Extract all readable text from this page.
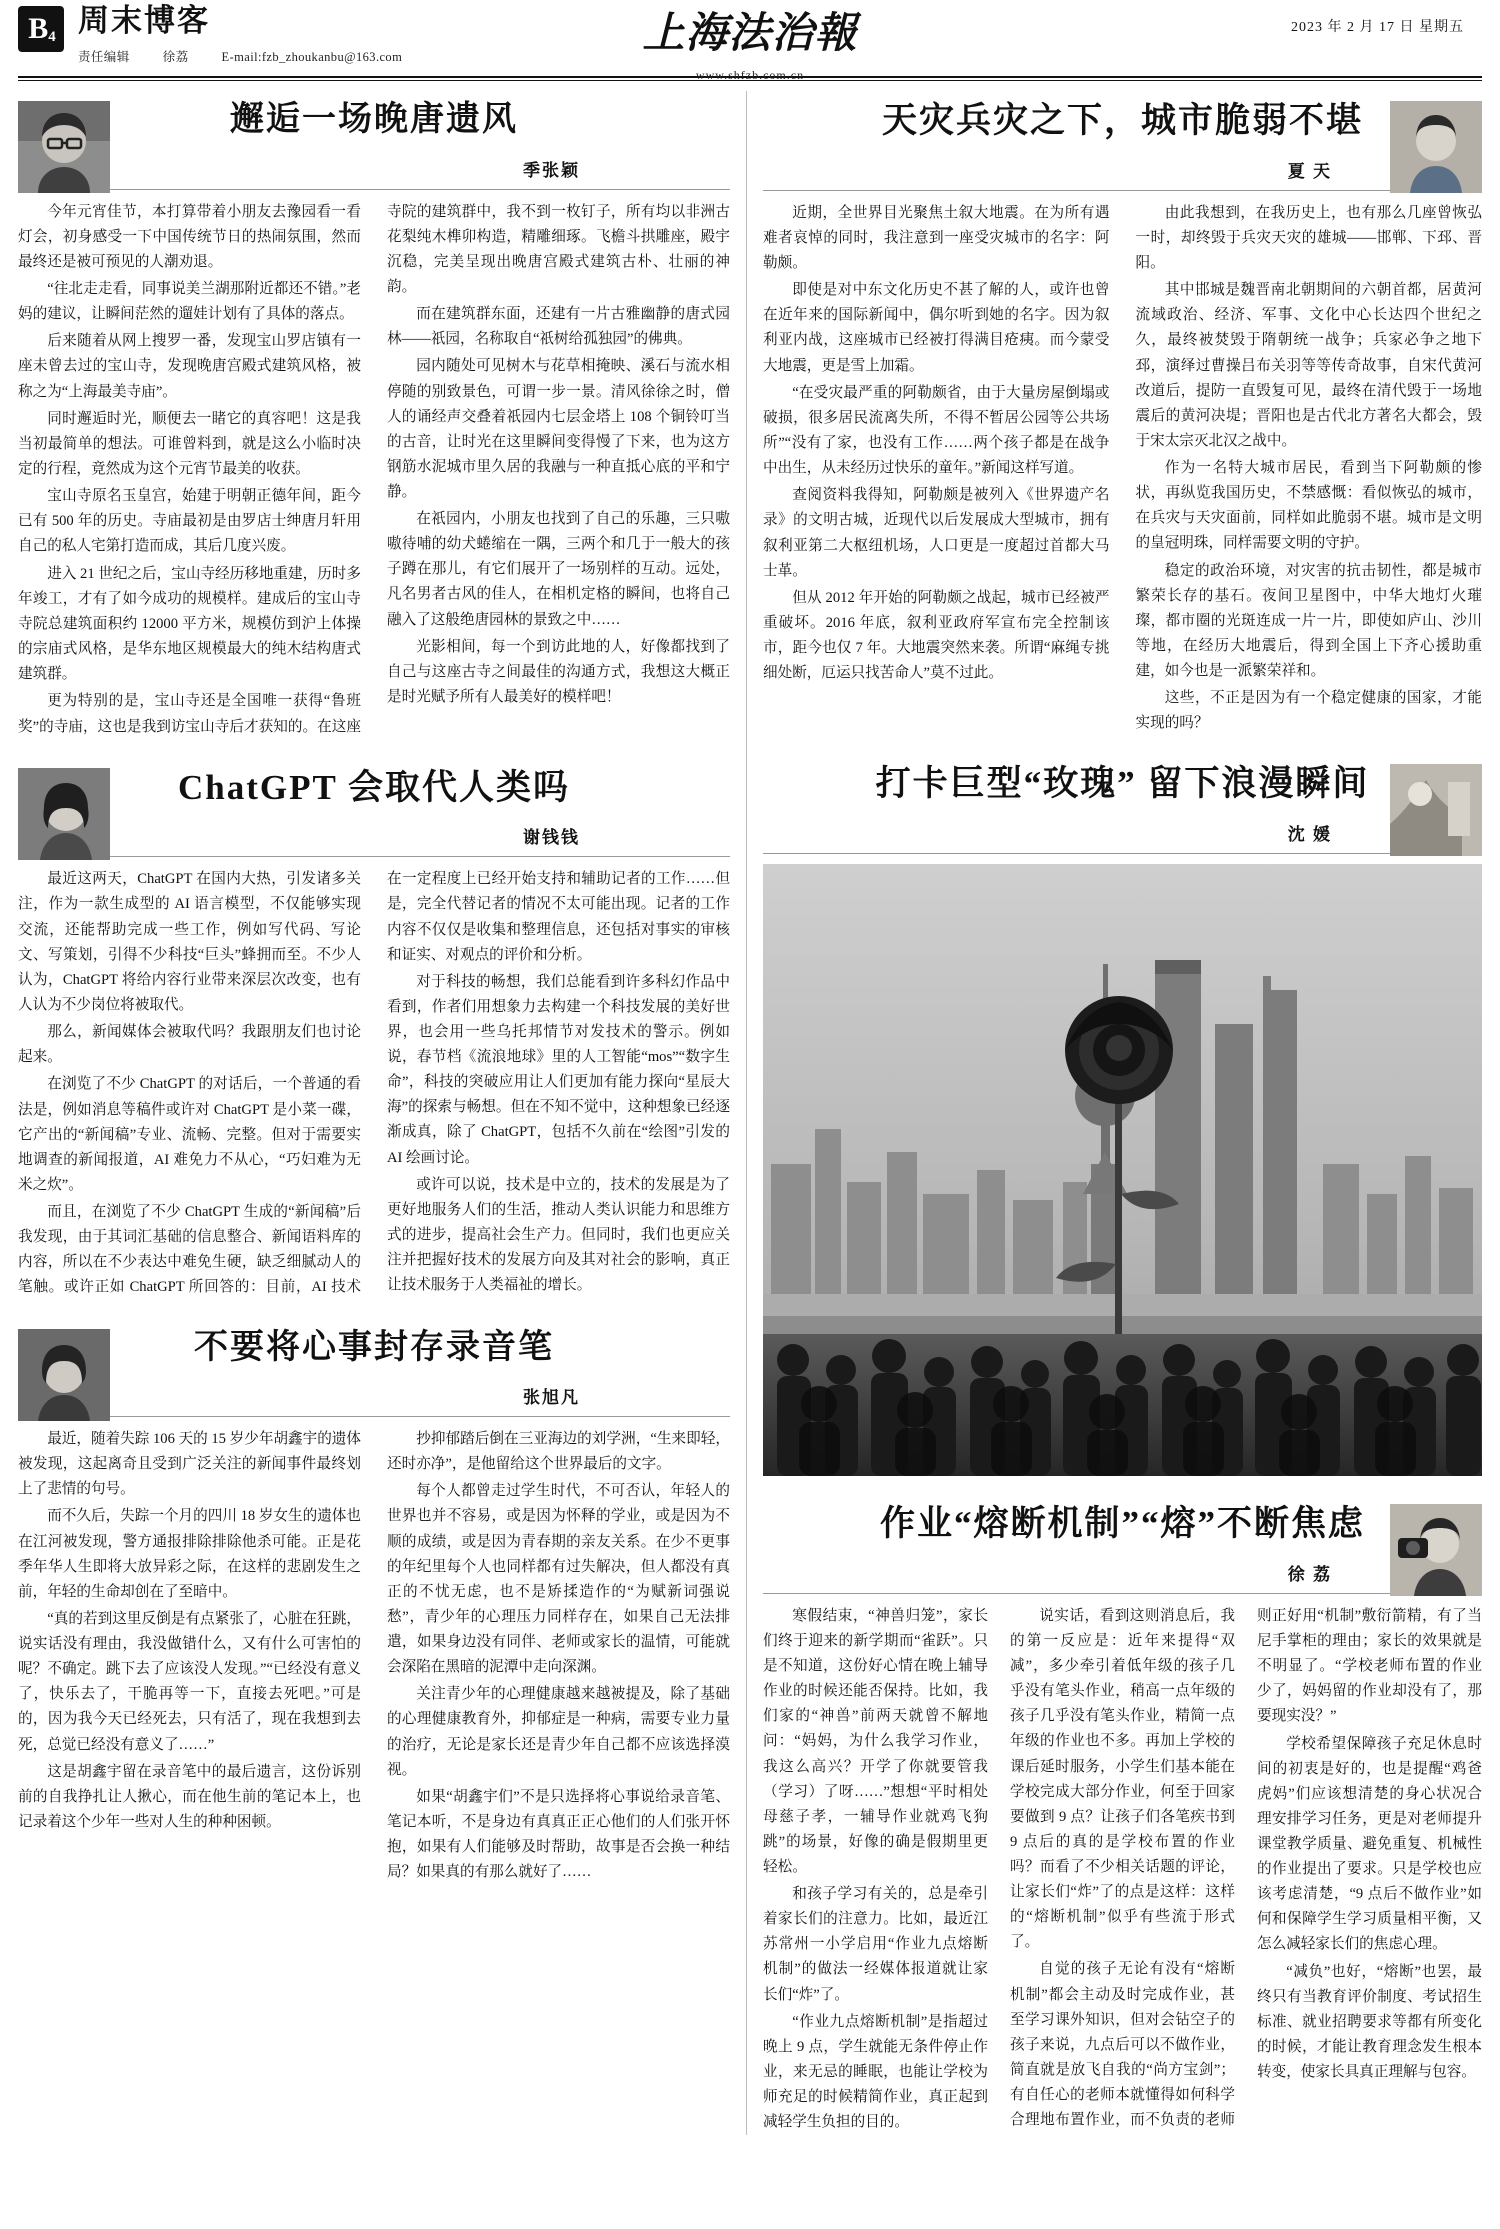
B 4 周末博客
责任编辑	徐荔	E-mail:fzb_zhoukanbu@163.com
上海法治報
www.shfzb.com.cn
2023 年 2 月 17 日 星期五
邂逅一场晚唐遗风
季张颖

今年元宵佳节，本打算带着小朋友去豫园看一看灯会，初身感受一下中国传统节日的热闹氛围，然而最终还是被可预见的人潮劝退。

“往北走走看，同事说美兰湖那附近都还不错。”老妈的建议，让瞬间茫然的遛娃计划有了具体的落点。

后来随着从网上搜罗一番，发现宝山罗店镇有一座未曾去过的宝山寺，发现晚唐宫殿式建筑风格，被称之为“上海最美寺庙”。

同时邂逅时光，顺便去一睹它的真容吧！这是我当初最简单的想法。可谁曾料到，就是这么小临时决定的行程，竟然成为这个元宵节最美的收获。

宝山寺原名玉皇宫，始建于明朝正德年间，距今已有 500 年的历史。寺庙最初是由罗店士绅唐月轩用自己的私人宅第打造而成，其后几度兴废。

进入 21 世纪之后，宝山寺经历移地重建，历时多年竣工，才有了如今成功的规模样。建成后的宝山寺寺院总建筑面积约 12000 平方米，规模仿到沪上体操的宗庙式风格，是华东地区规模最大的纯木结构唐式建筑群。

更为特别的是，宝山寺还是全国唯一获得“鲁班奖”的寺庙，这也是我到访宝山寺后才获知的。在这座寺院的建筑群中，我不到一枚钉子，所有均以非洲古花梨纯木榫卯构造，精雕细琢。飞檐斗拱雕座，殿宇沉稳，完美呈现出晚唐宫殿式建筑古朴、壮丽的神韵。

而在建筑群东面，还建有一片古雅幽静的唐式园林——祇园，名称取自“祇树给孤独园”的佛典。

园内随处可见树木与花草相掩映、溪石与流水相停随的别致景色，可谓一步一景。清风徐徐之时，僧人的诵经声交叠着祇园内七层金塔上 108 个铜铃叮当的古音，让时光在这里瞬间变得慢了下来，也为这方钢筋水泥城市里久居的我融与一种直抵心底的平和宁静。

在祇园内，小朋友也找到了自己的乐趣，三只嗷嗷待哺的幼犬蜷缩在一隅，三两个和几于一般大的孩子蹲在那儿，有它们展开了一场别样的互动。远处，凡名男者古风的佳人，在相机定格的瞬间，也将自己融入了这般绝唐园林的景致之中……

光影相间，每一个到访此地的人，好像都找到了自己与这座古寺之间最佳的沟通方式，我想这大概正是时光赋予所有人最美好的模样吧！

ChatGPT 会取代人类吗
谢钱钱

最近这两天，ChatGPT 在国内大热，引发诸多关注，作为一款生成型的 AI 语言模型，不仅能够实现交流，还能帮助完成一些工作，例如写代码、写论文、写策划，引得不少科技“巨头”蜂拥而至。不少人认为，ChatGPT 将给内容行业带来深层次改变，也有人认为不少岗位将被取代。

那么，新闻媒体会被取代吗？我跟朋友们也讨论起来。

在浏览了不少 ChatGPT 的对话后，一个普通的看法是，例如消息等稿件或许对 ChatGPT 是小菜一碟，它产出的“新闻稿”专业、流畅、完整。但对于需要实地调查的新闻报道，AI 难免力不从心，“巧妇难为无米之炊”。

而且，在浏览了不少 ChatGPT 生成的“新闻稿”后我发现，由于其词汇基础的信息整合、新闻语料库的内容，所以在不少表达中难免生硬，缺乏细腻动人的笔触。或许正如 ChatGPT 所回答的：目前，AI 技术在一定程度上已经开始支持和辅助记者的工作……但是，完全代替记者的情况不太可能出现。记者的工作内容不仅仅是收集和整理信息，还包括对事实的审核和证实、对观点的评价和分析。

对于科技的畅想，我们总能看到许多科幻作品中看到，作者们用想象力去构建一个科技发展的美好世界，也会用一些乌托邦情节对发技术的警示。例如说，春节档《流浪地球》里的人工智能“mos”“数字生命”，科技的突破应用让人们更加有能力探向“星辰大海”的探索与畅想。但在不知不觉中，这种想象已经逐渐成真，除了 ChatGPT，包括不久前在“绘图”引发的 AI 绘画讨论。

或许可以说，技术是中立的，技术的发展是为了更好地服务人们的生活，推动人类认识能力和思维方式的进步，提高社会生产力。但同时，我们也更应关注并把握好技术的发展方向及其对社会的影响，真正让技术服务于人类福祉的增长。

不要将心事封存录音笔
张旭凡

最近，随着失踪 106 天的 15 岁少年胡鑫宇的遗体被发现，这起离奇且受到广泛关注的新闻事件最终划上了悲情的句号。

而不久后，失踪一个月的四川 18 岁女生的遗体也在江河被发现，警方通报排除排除他杀可能。正是花季年华人生即将大放异彩之际，在这样的悲剧发生之前，年轻的生命却创在了至暗中。

“真的若到这里反倒是有点紧张了，心脏在狂跳，说实话没有理由，我没做错什么，又有什么可害怕的呢？不确定。跳下去了应该没人发现。”“已经没有意义了，快乐去了，干脆再等一下，直接去死吧。”可是的，因为我今天已经死去，只有活了，现在我想到去死，总觉已经没有意义了……”

这是胡鑫宇留在录音笔中的最后遗言，这份诉别前的自我挣扎让人揪心，而在他生前的笔记本上，也记录着这个少年一些对人生的种种困顿。

抄抑郁踏后倒在三亚海边的刘学洲，“生来即轻，还时亦净”，是他留给这个世界最后的文字。

每个人都曾走过学生时代，不可否认，年轻人的世界也并不容易，或是因为怀释的学业，或是因为不顺的成绩，或是因为青春期的亲友关系。在少不更事的年纪里每个人也同样都有过失解决，但人都没有真正的不忧无虑，也不是矫揉造作的“为赋新词强说愁”，青少年的心理压力同样存在，如果自己无法排遣，如果身边没有同伴、老师或家长的温情，可能就会深陷在黑暗的泥潭中走向深渊。

关注青少年的心理健康越来越被提及，除了基础的心理健康教育外，抑郁症是一种病，需要专业力量的治疗，无论是家长还是青少年自己都不应该选择漠视。

如果“胡鑫宇们”不是只选择将心事说给录音笔、笔记本听，不是身边有真真正正心他们的人们张开怀抱，如果有人们能够及时帮助，故事是否会换一种结局？如果真的有那么就好了……

天灾兵灾之下，城市脆弱不堪
夏 天

近期，全世界目光聚焦土叙大地震。在为所有遇难者哀悼的同时，我注意到一座受灾城市的名字：阿勒颇。

即使是对中东文化历史不甚了解的人，或许也曾在近年来的国际新闻中，偶尔听到她的名字。因为叙利亚内战，这座城市已经被打得满目疮痍。而今蒙受大地震，更是雪上加霜。

“在受灾最严重的阿勒颇省，由于大量房屋倒塌或破损，很多居民流离失所，不得不暂居公园等公共场所”“没有了家，也没有工作……两个孩子都是在战争中出生，从未经历过快乐的童年。”新闻这样写道。

查阅资料我得知，阿勒颇是被列入《世界遗产名录》的文明古城，近现代以后发展成大型城市，拥有叙利亚第二大枢纽机场，人口更是一度超过首都大马士革。

但从 2012 年开始的阿勒颇之战起，城市已经被严重破坏。2016 年底，叙利亚政府军宣布完全控制该市，距今也仅 7 年。大地震突然来袭。所谓“麻绳专挑细处断，厄运只找苦命人”莫不过此。

由此我想到，在我历史上，也有那么几座曾恢弘一时，却终毁于兵灾天灾的雄城——邯郸、下邳、晋阳。

其中邯城是魏晋南北朝期间的六朝首都，居黄河流域政治、经济、军事、文化中心长达四个世纪之久，最终被焚毁于隋朝统一战争；兵家必争之地下邳，演绎过曹操吕布关羽等等传奇故事，自宋代黄河改道后，提防一直毁复可见，最终在清代毁于一场地震后的黄河决堤；晋阳也是古代北方著名大都会，毁于宋太宗灭北汉之战中。

作为一名特大城市居民，看到当下阿勒颇的惨状，再纵览我国历史，不禁感慨：看似恢弘的城市，在兵灾与天灾面前，同样如此脆弱不堪。城市是文明的皇冠明珠，同样需要文明的守护。

稳定的政治环境，对灾害的抗击韧性，都是城市繁荣长存的基石。夜间卫星图中，中华大地灯火璀璨，都市圈的光斑连成一片一片，即使如庐山、沙川等地，在经历大地震后，得到全国上下齐心援助重建，如今也是一派繁荣祥和。

这些，不正是因为有一个稳定健康的国家，才能实现的吗？

打卡巨型“玫瑰” 留下浪漫瞬间
沈 媛
作业“熔断机制”“熔”不断焦虑
徐 荔

寒假结束，“神兽归笼”，家长们终于迎来的新学期而“雀跃”。只是不知道，这份好心情在晚上辅导作业的时候还能否保持。比如，我们家的“神兽”前两天就曾不解地问：“妈妈，为什么我学习作业，我这么高兴？开学了你就要管我（学习）了呀……”想想“平时相处母慈子孝，一辅导作业就鸡飞狗跳”的场景，好像的确是假期里更轻松。

和孩子学习有关的，总是牵引着家长们的注意力。比如，最近江苏常州一小学启用“作业九点熔断机制”的做法一经媒体报道就让家长们“炸”了。

“作业九点熔断机制”是指超过晚上 9 点，学生就能无条件停止作业，来无忌的睡眠，也能让学校为师充足的时候精简作业，真正起到减轻学生负担的目的。

说实话，看到这则消息后，我的第一反应是：近年来提得“双减”，多少牵引着低年级的孩子几乎没有笔头作业，稍高一点年级的孩子几乎没有笔头作业，精简一点年级的作业也不多。再加上学校的课后延时服务，小学生们基本能在学校完成大部分作业，何至于回家要做到 9 点？让孩子们各笔疾书到 9 点后的真的是学校布置的作业吗？而看了不少相关话题的评论，让家长们“炸”了的点是这样：这样的“熔断机制”似乎有些流于形式了。

自觉的孩子无论有没有“熔断机制”都会主动及时完成作业，甚至学习课外知识，但对会钻空子的孩子来说，九点后可以不做作业，简直就是放飞自我的“尚方宝剑”；有自任心的老师本就懂得如何科学合理地布置作业，而不负责的老师则正好用“机制”敷衍箭精，有了当尼手掌柜的理由；家长的效果就是不明显了。“学校老师布置的作业少了，妈妈留的作业却没有了，那要现实没？”

学校希望保障孩子充足休息时间的初衷是好的，也是提醒“鸡爸虎妈”们应该想清楚的身心状况合理安排学习任务，更是对老师提升课堂教学质量、避免重复、机械性的作业提出了要求。只是学校也应该考虑清楚，“9 点后不做作业”如何和保障学生学习质量相平衡，又怎么减轻家长们的焦虑心理。

“减负”也好，“熔断”也罢，最终只有当教育评价制度、考试招生标准、就业招聘要求等都有所变化的时候，才能让教育理念发生根本转变，使家长具真正理解与包容。
